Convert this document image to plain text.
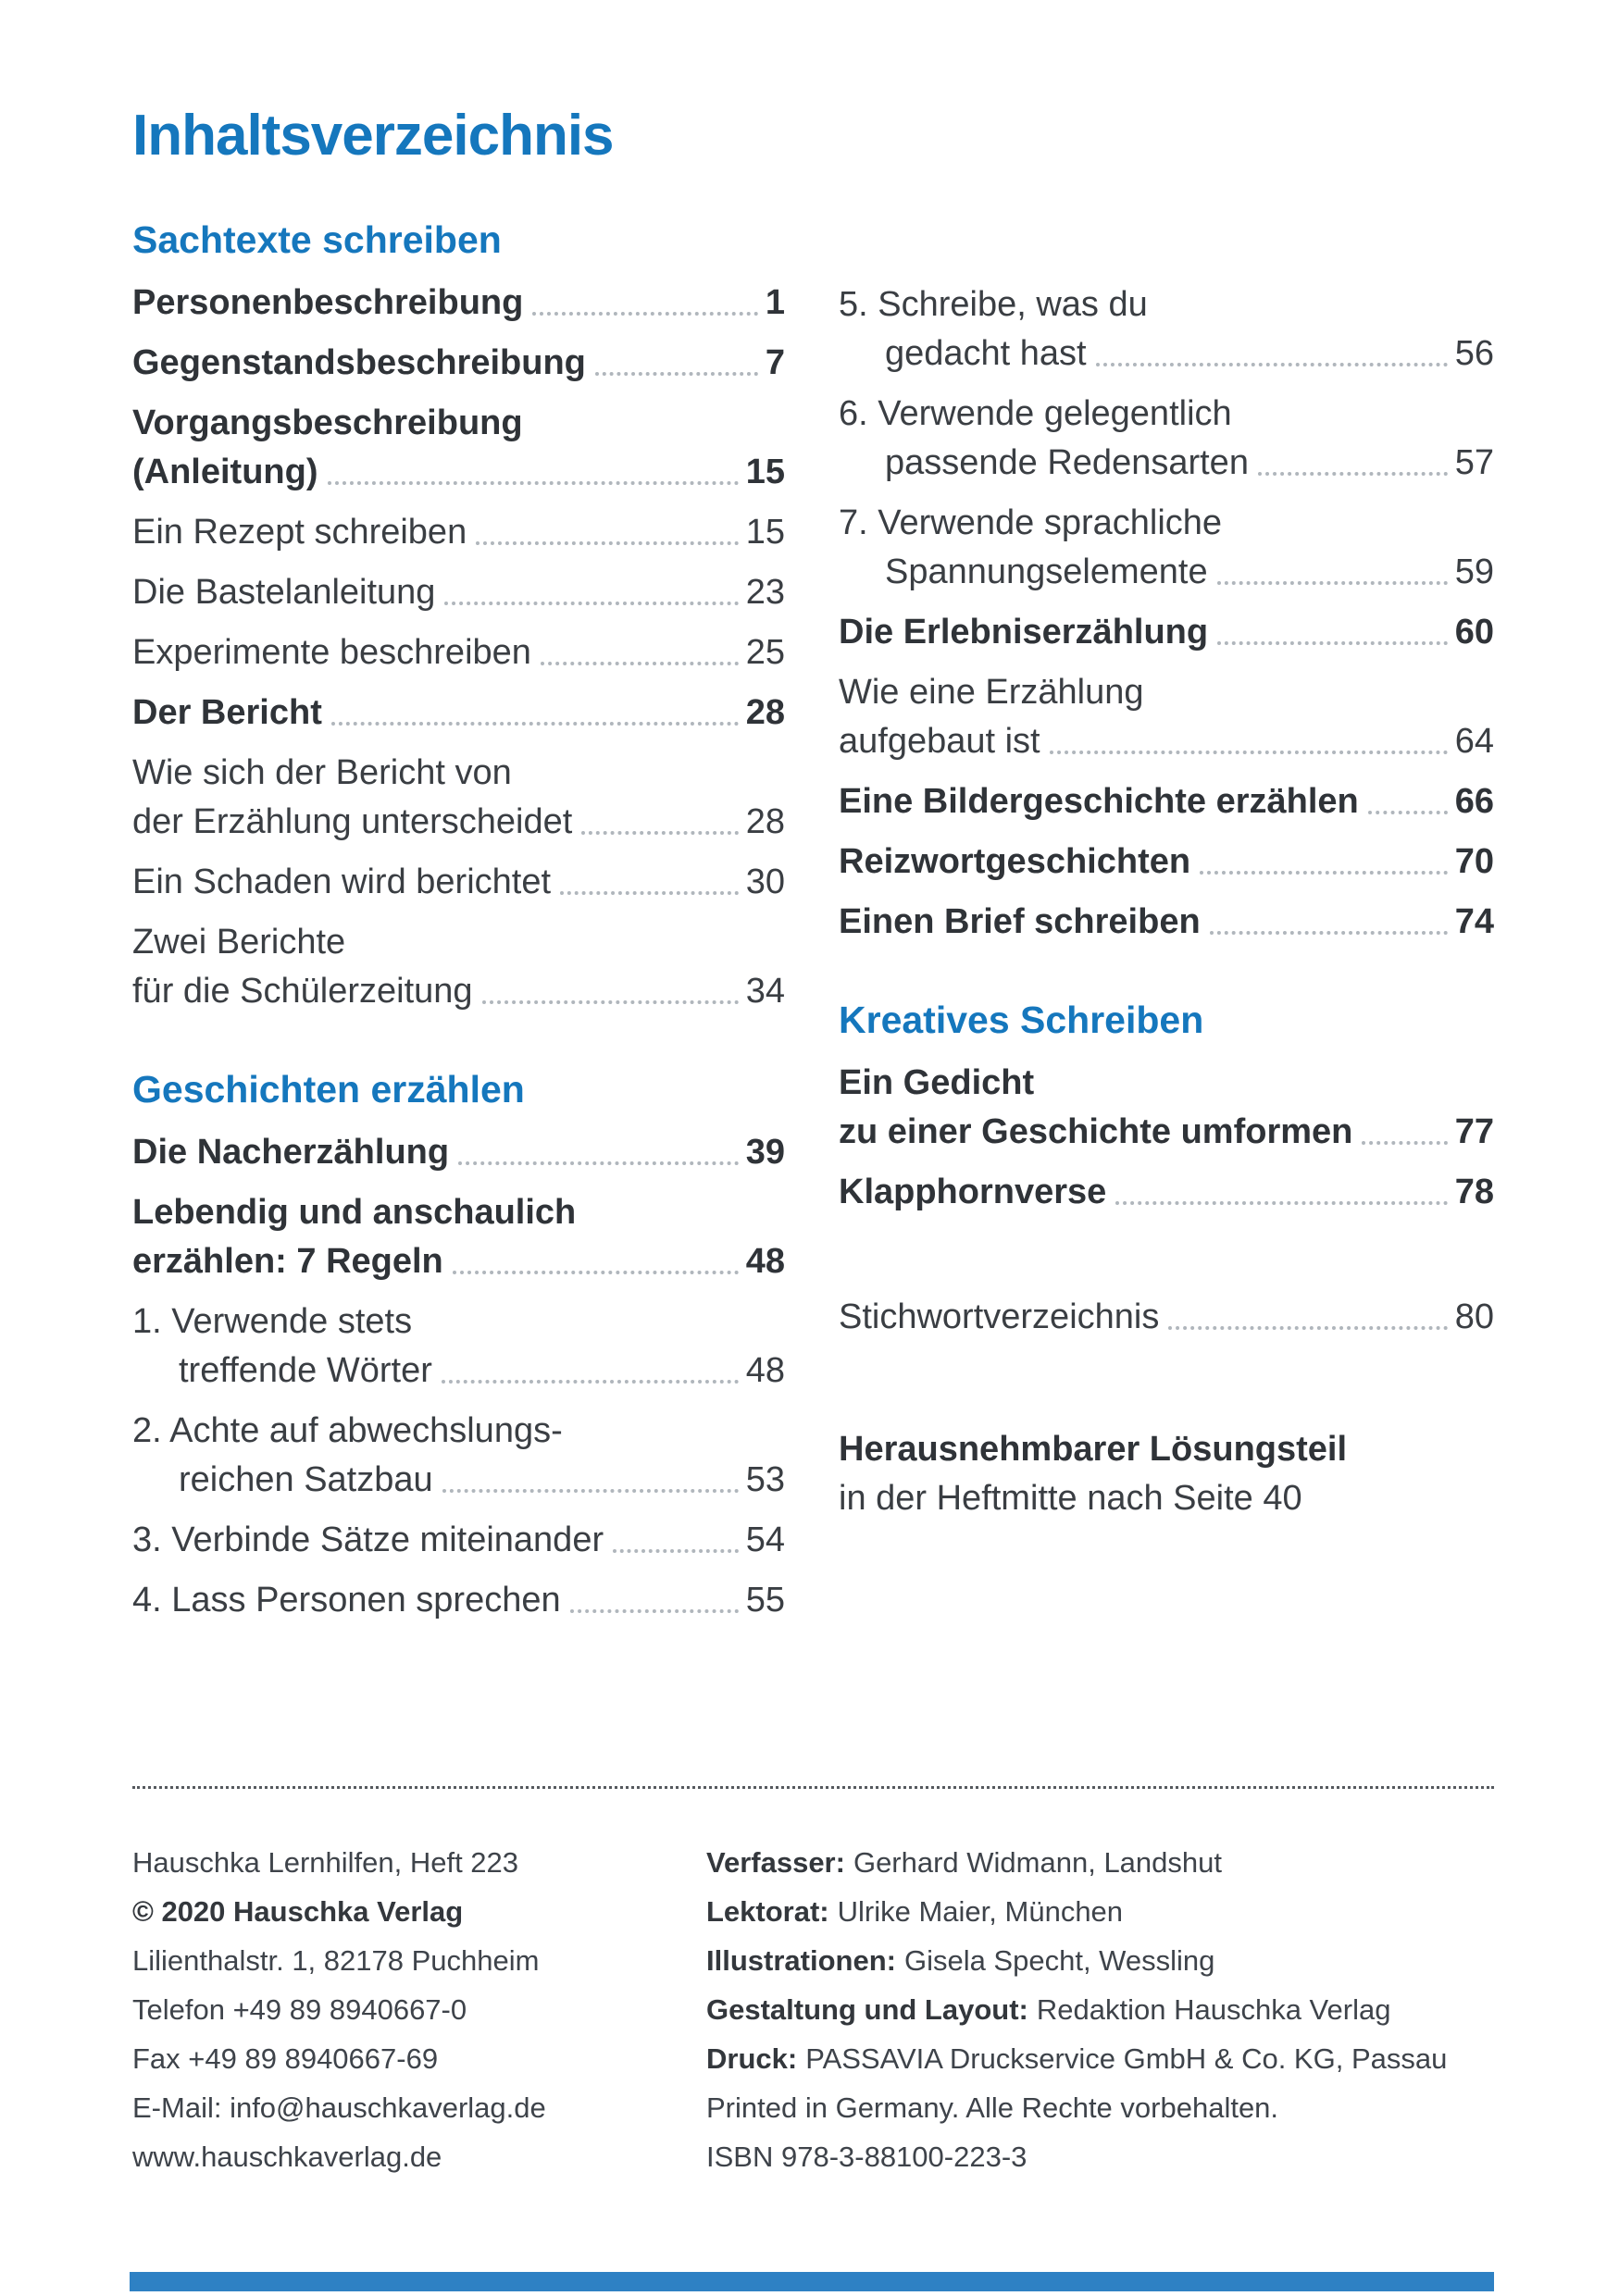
Inhaltsverzeichnis
Sachtexte schreiben
Personenbeschreibung	1
Gegenstandsbeschreibung	7
Vorgangsbeschreibung
(Anleitung)	15
Ein Rezept schreiben	15
Die Bastelanleitung	23
Experimente beschreiben	25
Der Bericht	28
Wie sich der Bericht von
der Erzählung unterscheidet	28
Ein Schaden wird berichtet	30
Zwei Berichte
für die Schülerzeitung	34
Geschichten erzählen
Die Nacherzählung	39
Lebendig und anschaulich
erzählen: 7 Regeln	48
1. Verwende stets
treffende Wörter	48
2. Achte auf abwechslungs-
reichen Satzbau	53
3. Verbinde Sätze miteinander	54
4. Lass Personen sprechen	55
5. Schreibe, was du
gedacht hast	56
6. Verwende gelegentlich
passende Redensarten	57
7. Verwende sprachliche
Spannungselemente	59
Die Erlebniserzählung	60
Wie eine Erzählung
aufgebaut ist	64
Eine Bildergeschichte erzählen	66
Reizwortgeschichten	70
Einen Brief schreiben	74
Kreatives Schreiben
Ein Gedicht
zu einer Geschichte umformen	77
Klapphornverse	78
Stichwortverzeichnis	80
Herausnehmbarer Lösungsteil
in der Heftmitte nach Seite 40
Hauschka Lernhilfen, Heft 223
© 2020 Hauschka Verlag
Lilienthalstr. 1, 82178 Puchheim
Telefon +49 89 8940667-0
Fax +49 89 8940667-69
E-Mail: info@hauschkaverlag.de
www.hauschkaverlag.de
Verfasser: Gerhard Widmann, Landshut
Lektorat: Ulrike Maier, München
Illustrationen: Gisela Specht, Wessling
Gestaltung und Layout: Redaktion Hauschka Verlag
Druck: PASSAVIA Druckservice GmbH & Co. KG, Passau
Printed in Germany. Alle Rechte vorbehalten.
ISBN 978-3-88100-223-3
